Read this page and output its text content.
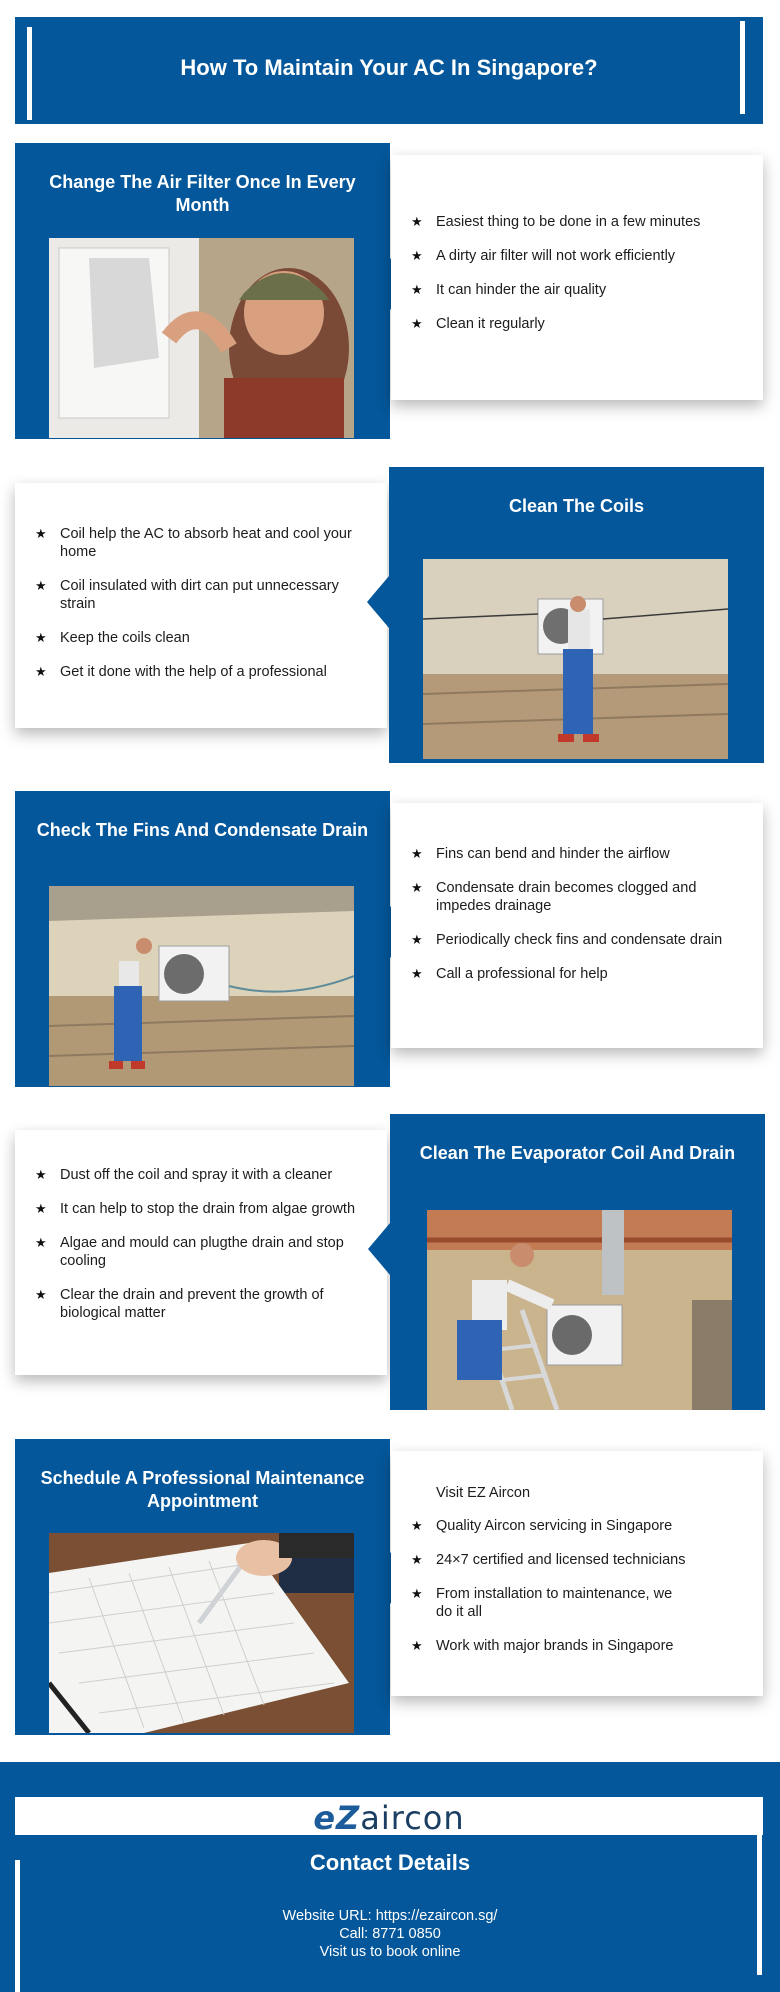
How To Maintain Your AC In Singapore?
Change The Air Filter Once In Every Month
★ Easiest thing to be done in a few minutes
★ A dirty air filter will not work efficiently
★ It can hinder the air quality
★ Clean it regularly
★ Coil help the AC to absorb heat and cool your home
★ Coil insulated with dirt can put unnecessary strain
★ Keep the coils clean
★ Get it done with the help of a professional
Clean The Coils
Check The Fins And Condensate Drain
★ Fins can bend and hinder the airflow
★ Condensate drain becomes clogged and impedes drainage
★ Periodically check fins and condensate drain
★ Call a professional for help
★ Dust off the coil and spray it with a cleaner
★ It can help to stop the drain from algae growth
★ Algae and mould can plugthe drain and stop cooling
★ Clear the drain and prevent the growth of biological matter
Clean The Evaporator Coil And Drain
Schedule A Professional Maintenance Appointment	Visit EZ Aircon
★ Quality Aircon servicing in Singapore
★ 24×7 certified and licensed technicians
★ From installation to maintenance, we do it all
★ Work with major brands in Singapore
eZaircon
Contact Details
Website URL: https://ezaircon.sg/
Call: 8771 0850
Visit us to book online
